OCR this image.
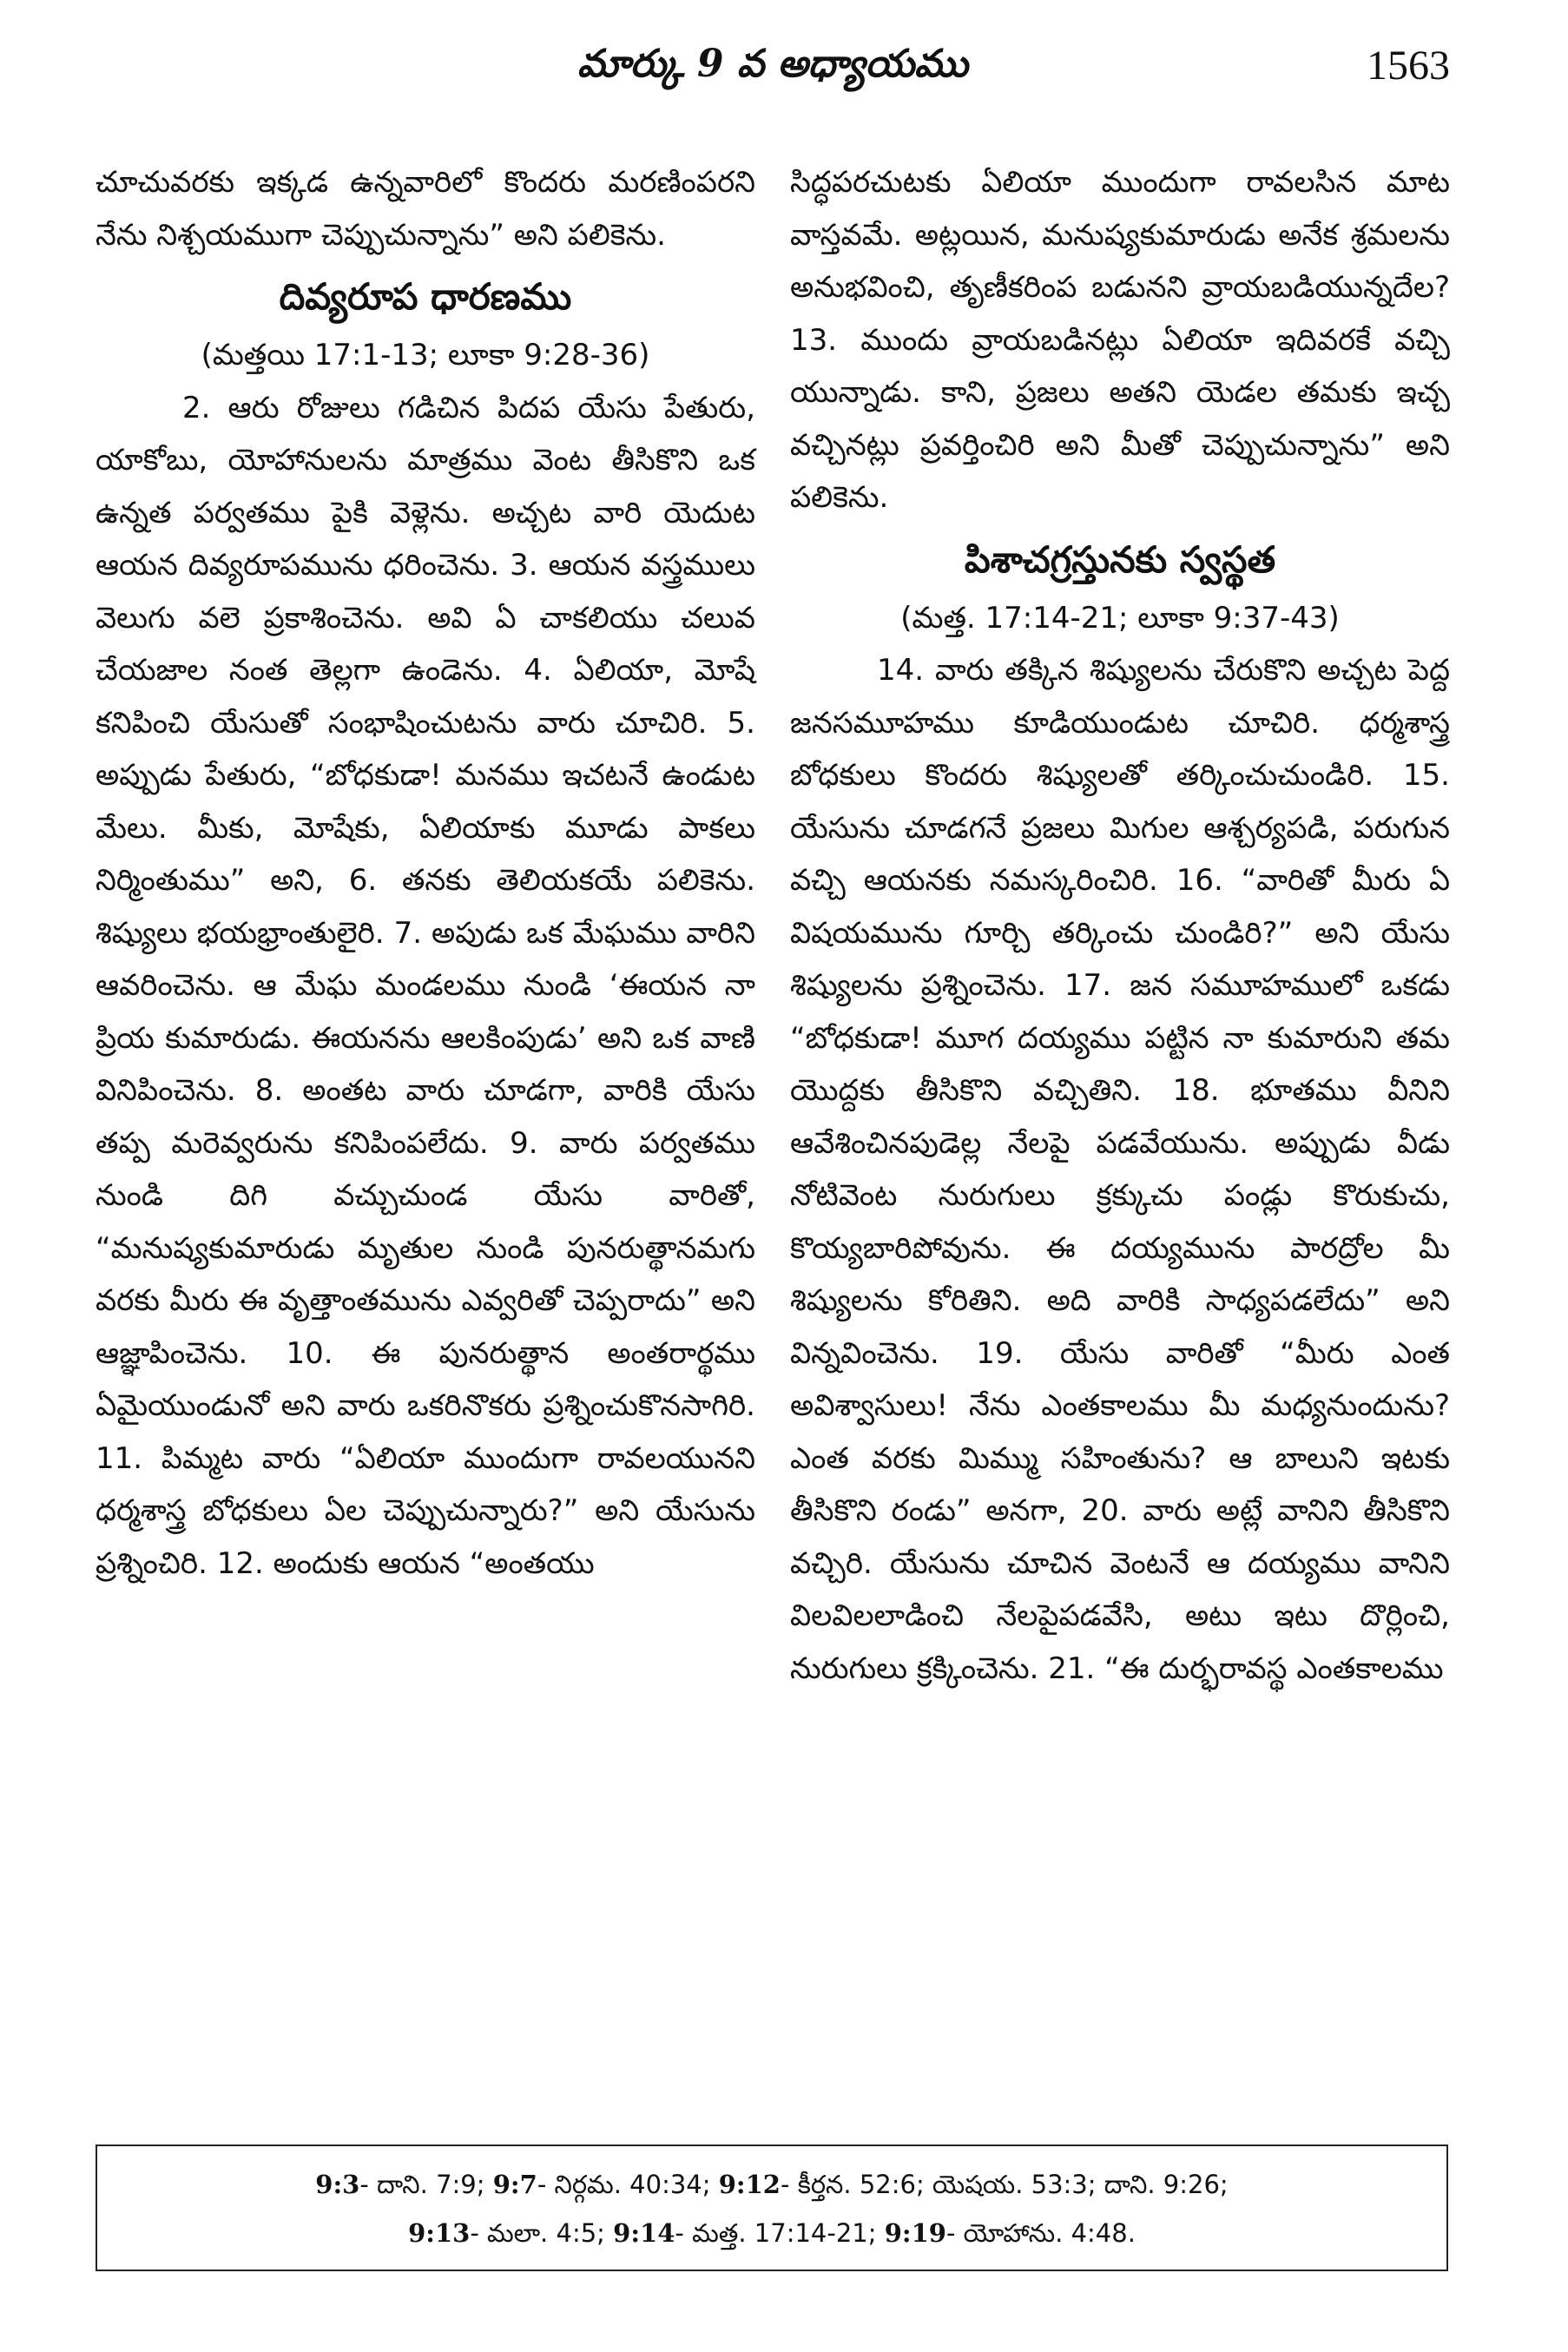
మార్కు 9 వ అధ్యాయము	1563

చూచువరకు ఇక్కడ ఉన్నవారిలో కొందరు మరణింపరని నేను నిశ్చయముగా చెప్పుచున్నాను” అని పలికెను.

దివ్యరూప ధారణము

(మత్తయి 17:1-13; లూకా 9:28-36)

2. ఆరు రోజులు గడిచిన పిదప యేసు పేతురు, యాకోబు, యోహానులను మాత్రము వెంట తీసికొని ఒక ఉన్నత పర్వతము పైకి వెళ్లెను. అచ్చట వారి యెదుట ఆయన దివ్యరూపమును ధరించెను. 3. ఆయన వస్త్రములు వెలుగు వలె ప్రకాశించెను. అవి ఏ చాకలియు చలువ చేయజాల నంత తెల్లగా ఉండెను. 4. ఏలియా, మోషే కనిపించి యేసుతో సంభాషించుటను వారు చూచిరి. 5. అప్పుడు పేతురు, “బోధకుడా! మనము ఇచటనే ఉండుట మేలు. మీకు, మోషేకు, ఏలియాకు మూడు పాకలు నిర్మింతుము” అని, 6. తనకు తెలియకయే పలికెను. శిష్యులు భయభ్రాంతులైరి. 7. అపుడు ఒక మేఘము వారిని ఆవరించెను. ఆ మేఘ మండలము నుండి ‘ఈయన నా ప్రియ కుమారుడు. ఈయనను ఆలకింపుడు’ అని ఒక వాణి వినిపించెను. 8. అంతట వారు చూడగా, వారికి యేసు తప్ప మరెవ్వరును కనిపింపలేదు. 9. వారు పర్వతము నుండి దిగి వచ్చుచుండ యేసు వారితో, “మనుష్యకుమారుడు మృతుల నుండి పునరుత్థానమగు వరకు మీరు ఈ వృత్తాంతమును ఎవ్వరితో చెప్పరాదు” అని ఆజ్ఞాపించెను. 10. ఈ పునరుత్థాన అంతరార్థము ఏమైయుండునో అని వారు ఒకరినొకరు ప్రశ్నించుకొనసాగిరి. 11. పిమ్మట వారు “ఏలియా ముందుగా రావలయునని ధర్మశాస్త్ర బోధకులు ఏల చెప్పుచున్నారు?” అని యేసును ప్రశ్నించిరి. 12. అందుకు ఆయన “అంతయు

సిద్ధపరచుటకు ఏలియా ముందుగా రావలసిన మాట వాస్తవమే. అట్లయిన, మనుష్యకుమారుడు అనేక శ్రమలను అనుభవించి, తృణీకరింప బడునని వ్రాయబడియున్నదేల? 13. ముందు వ్రాయబడినట్లు ఏలియా ఇదివరకే వచ్చి యున్నాడు. కాని, ప్రజలు అతని యెడల తమకు ఇచ్చ వచ్చినట్లు ప్రవర్తించిరి అని మీతో చెప్పుచున్నాను” అని పలికెను.

పిశాచగ్రస్తునకు స్వస్థత

(మత్త. 17:14-21; లూకా 9:37-43)

14. వారు తక్కిన శిష్యులను చేరుకొని అచ్చట పెద్ద జనసమూహము కూడియుండుట చూచిరి. ధర్మశాస్త్ర బోధకులు కొందరు శిష్యులతో తర్కించుచుండిరి. 15. యేసును చూడగనే ప్రజలు మిగుల ఆశ్చర్యపడి, పరుగున వచ్చి ఆయనకు నమస్కరించిరి. 16. “వారితో మీరు ఏ విషయమును గూర్చి తర్కించు చుండిరి?” అని యేసు శిష్యులను ప్రశ్నించెను. 17. జన సమూహములో ఒకడు “బోధకుడా! మూగ దయ్యము పట్టిన నా కుమారుని తమ యొద్దకు తీసికొని వచ్చితిని. 18. భూతము వీనిని ఆవేశించినపుడెల్ల నేలపై పడవేయును. అప్పుడు వీడు నోటివెంట నురుగులు క్రక్కుచు పండ్లు కొరుకుచు, కొయ్యబారిపోవును. ఈ దయ్యమును పారద్రోల మీ శిష్యులను కోరితిని. అది వారికి సాధ్యపడలేదు” అని విన్నవించెను. 19. యేసు వారితో “మీరు ఎంత అవిశ్వాసులు! నేను ఎంతకాలము మీ మధ్యనుందును? ఎంత వరకు మిమ్ము సహింతును? ఆ బాలుని ఇటకు తీసికొని రండు” అనగా, 20. వారు అట్లే వానిని తీసికొని వచ్చిరి. యేసును చూచిన వెంటనే ఆ దయ్యము వానిని విలవిలలాడించి నేలపైపడవేసి, అటు ఇటు దొర్లించి, నురుగులు క్రక్కించెను. 21. “ఈ దుర్భరావస్థ ఎంతకాలము

9:3- దాని. 7:9; 9:7- నిర్గమ. 40:34; 9:12- కీర్తన. 52:6; యెషయ. 53:3; దాని. 9:26;

9:13- మలా. 4:5; 9:14- మత్త. 17:14-21; 9:19- యోహాను. 4:48.
